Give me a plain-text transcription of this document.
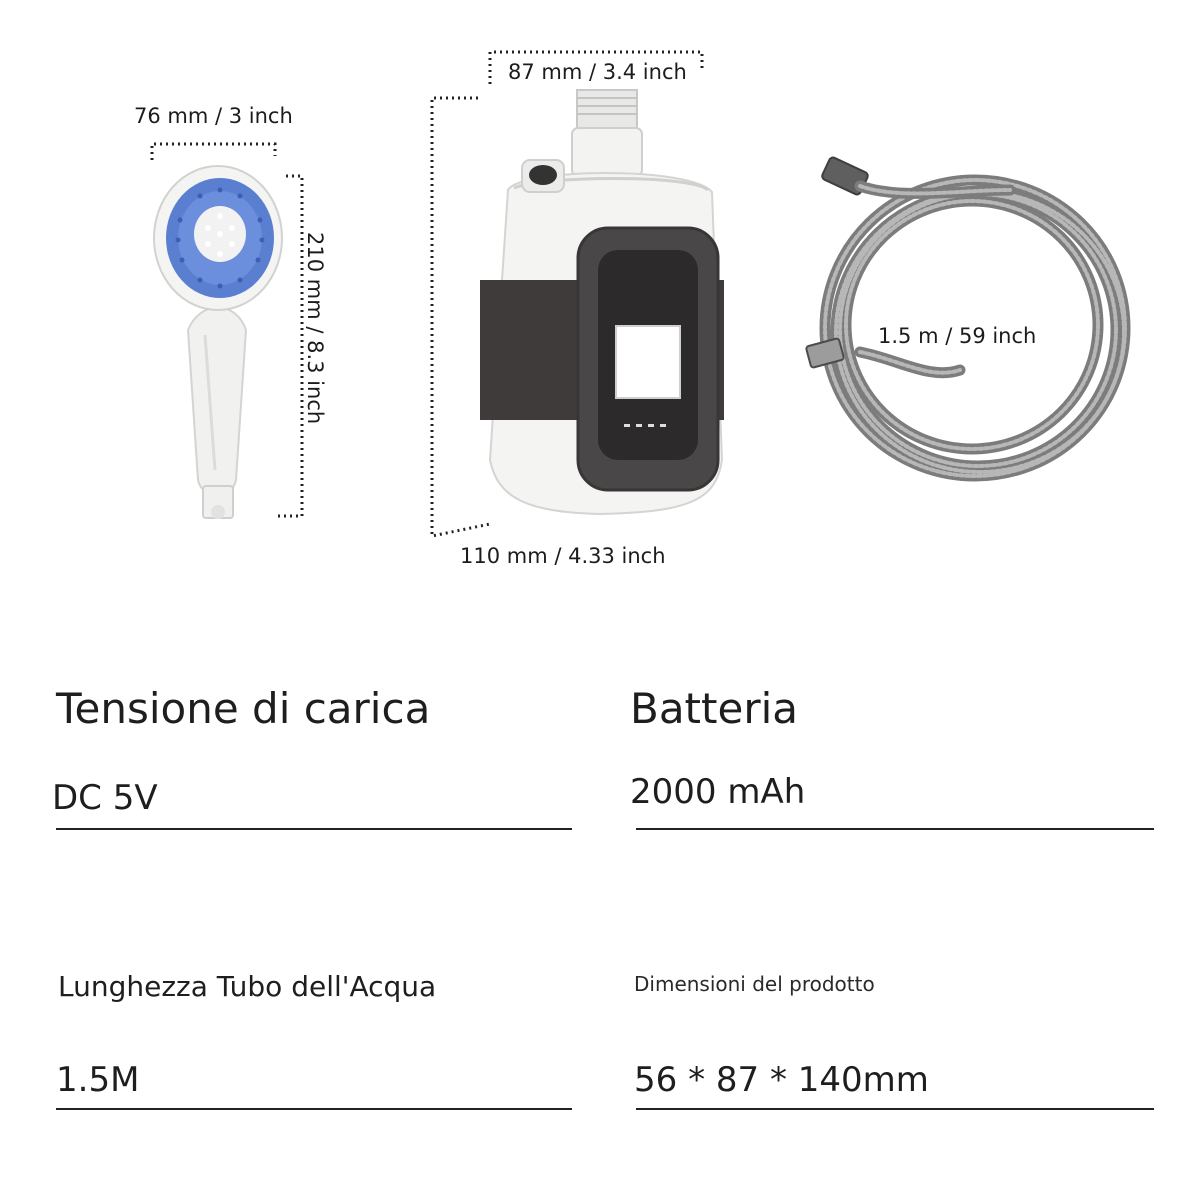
76 mm / 3 inch
210 mm / 8.3 inch
87 mm / 3.4 inch
110 mm / 4.33 inch
1.5 m / 59 inch
Tensione di carica
DC 5V
Batteria
2000 mAh
Lunghezza Tubo dell'Acqua
1.5M
Dimensioni del prodotto
56 * 87 * 140mm
